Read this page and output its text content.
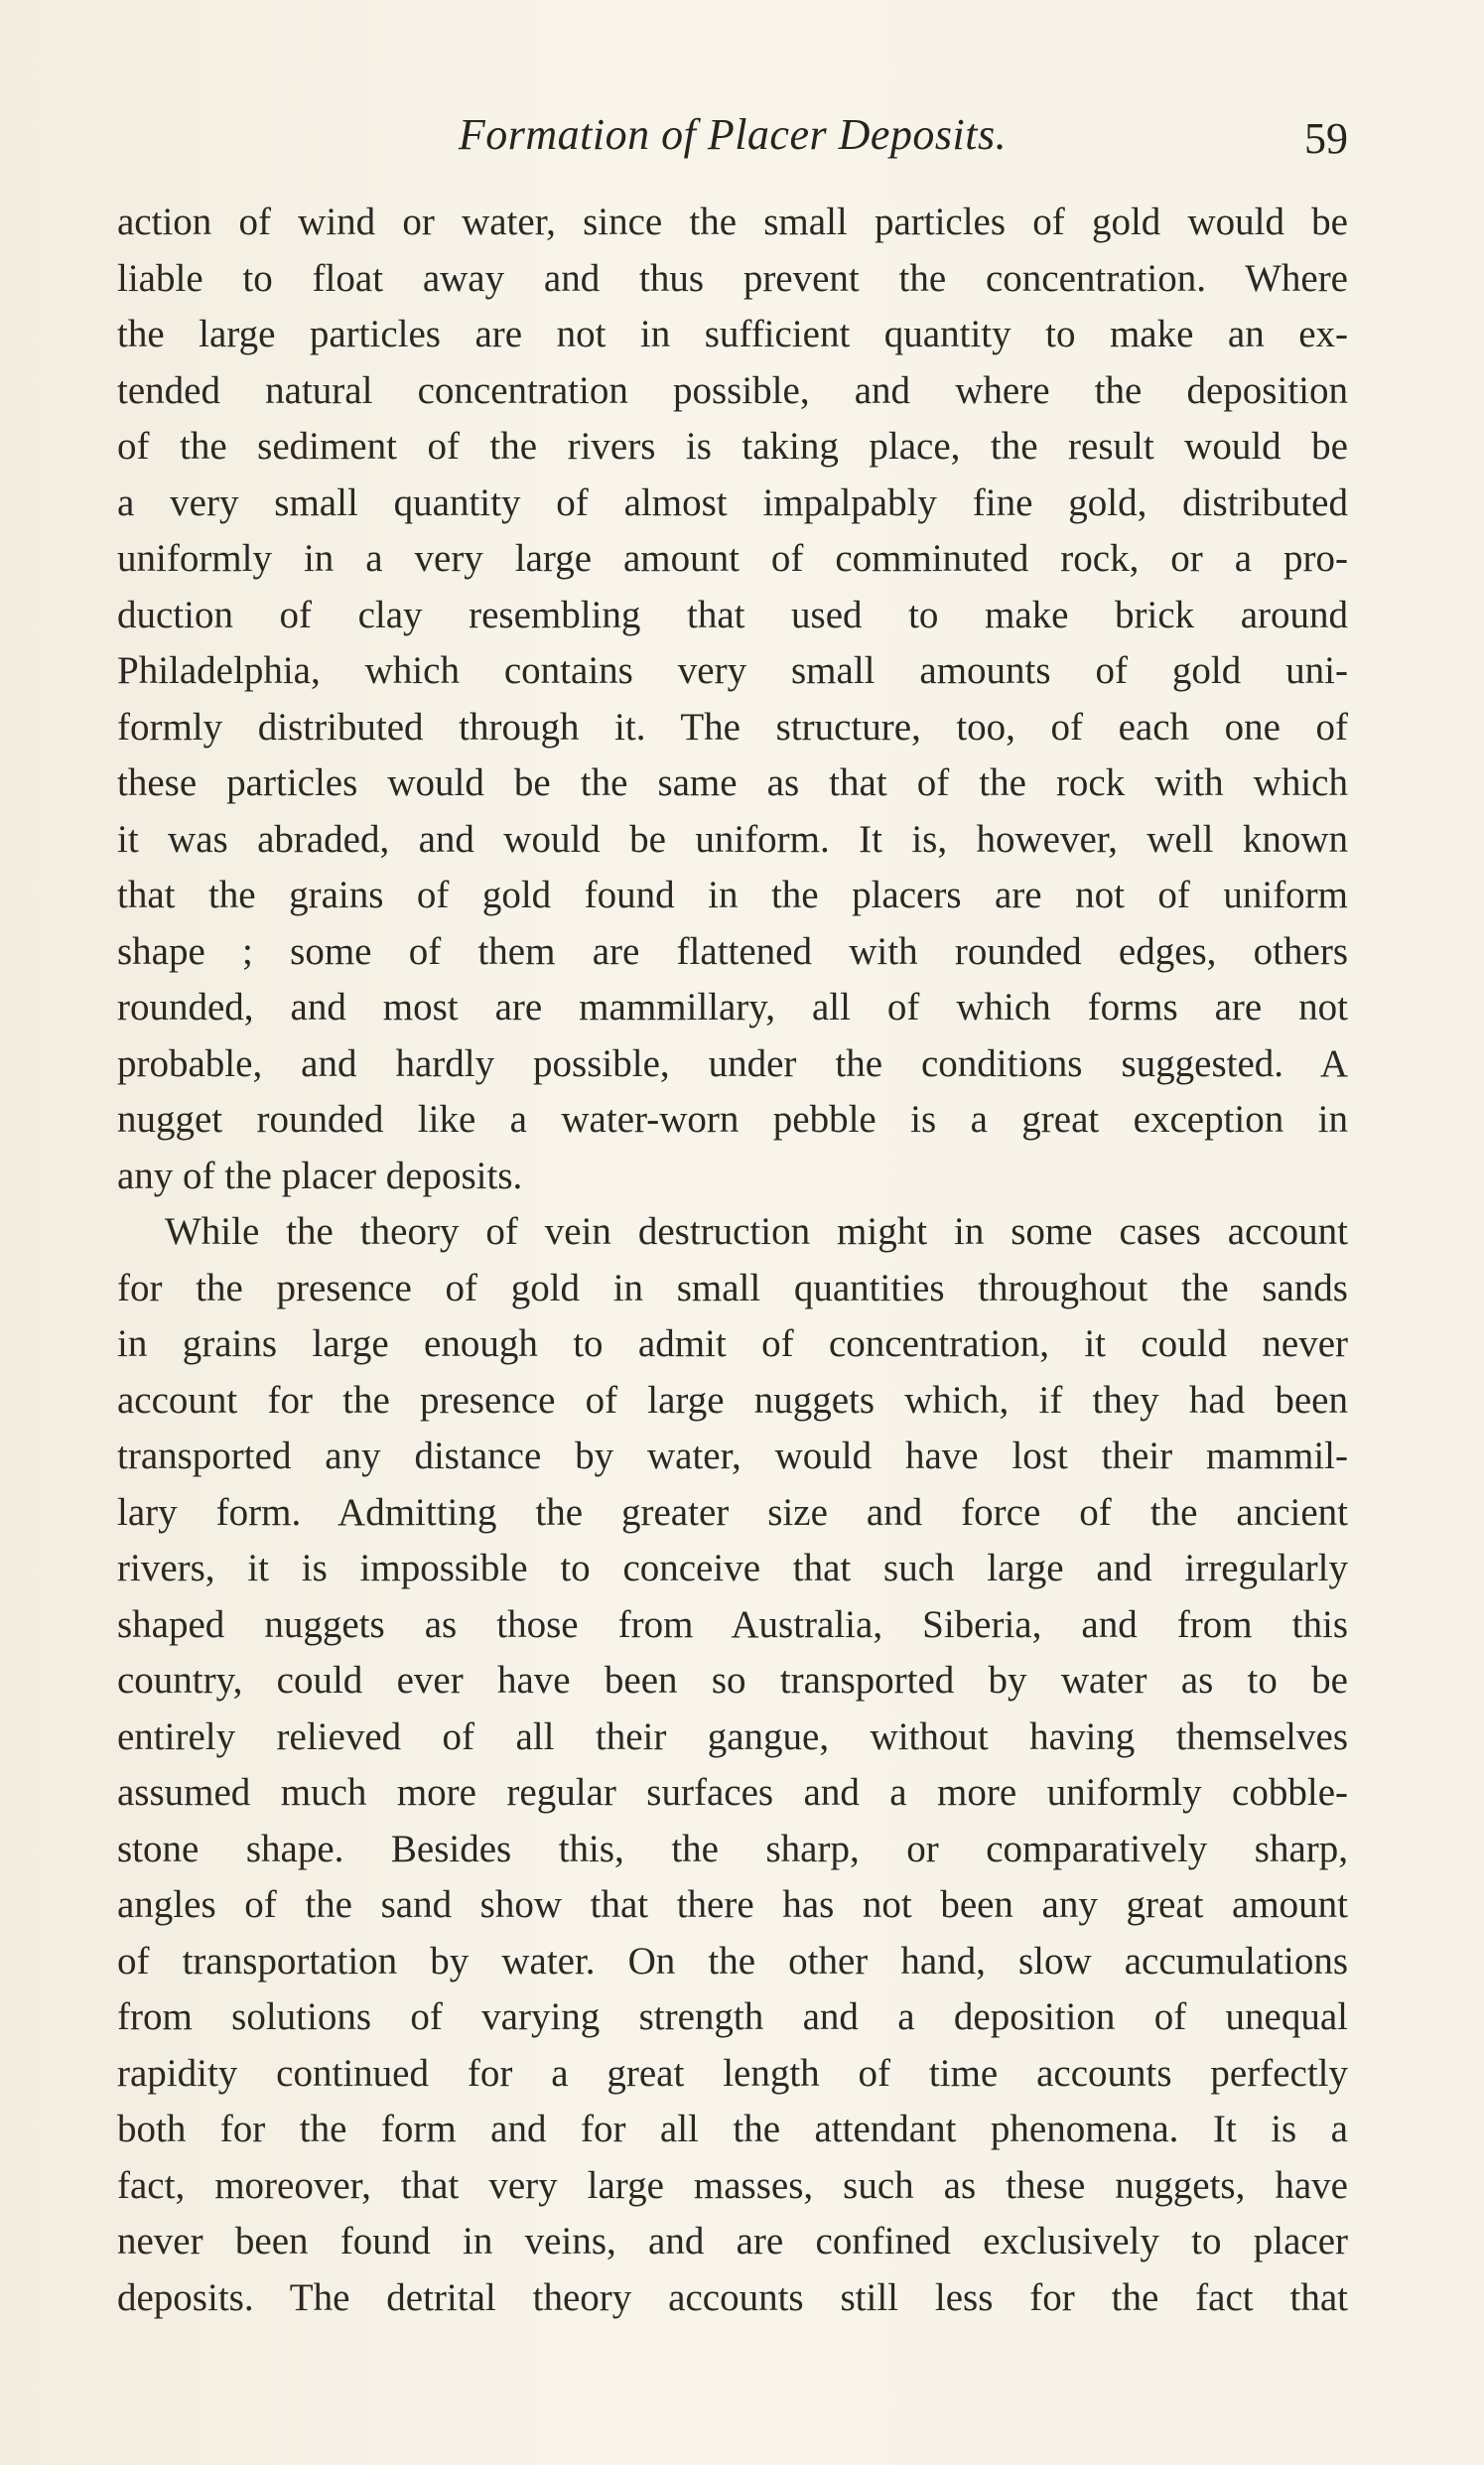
Formation of Placer Deposits.	59
action of wind or water, since the small particles of gold would be
liable to float away and thus prevent the concentration. Where
the large particles are not in sufficient quantity to make an ex-
tended natural concentration possible, and where the deposition
of the sediment of the rivers is taking place, the result would be
a very small quantity of almost impalpably fine gold, distributed
uniformly in a very large amount of comminuted rock, or a pro-
duction of clay resembling that used to make brick around
Philadelphia, which contains very small amounts of gold uni-
formly distributed through it. The structure, too, of each one of
these particles would be the same as that of the rock with which
it was abraded, and would be uniform. It is, however, well known
that the grains of gold found in the placers are not of uniform
shape ; some of them are flattened with rounded edges, others
rounded, and most are mammillary, all of which forms are not
probable, and hardly possible, under the conditions suggested. A
nugget rounded like a water-worn pebble is a great exception in
any of the placer deposits.
While the theory of vein destruction might in some cases account
for the presence of gold in small quantities throughout the sands
in grains large enough to admit of concentration, it could never
account for the presence of large nuggets which, if they had been
transported any distance by water, would have lost their mammil-
lary form. Admitting the greater size and force of the ancient
rivers, it is impossible to conceive that such large and irregularly
shaped nuggets as those from Australia, Siberia, and from this
country, could ever have been so transported by water as to be
entirely relieved of all their gangue, without having themselves
assumed much more regular surfaces and a more uniformly cobble-
stone shape. Besides this, the sharp, or comparatively sharp,
angles of the sand show that there has not been any great amount
of transportation by water. On the other hand, slow accumulations
from solutions of varying strength and a deposition of unequal
rapidity continued for a great length of time accounts perfectly
both for the form and for all the attendant phenomena. It is a
fact, moreover, that very large masses, such as these nuggets, have
never been found in veins, and are confined exclusively to placer
deposits. The detrital theory accounts still less for the fact that
